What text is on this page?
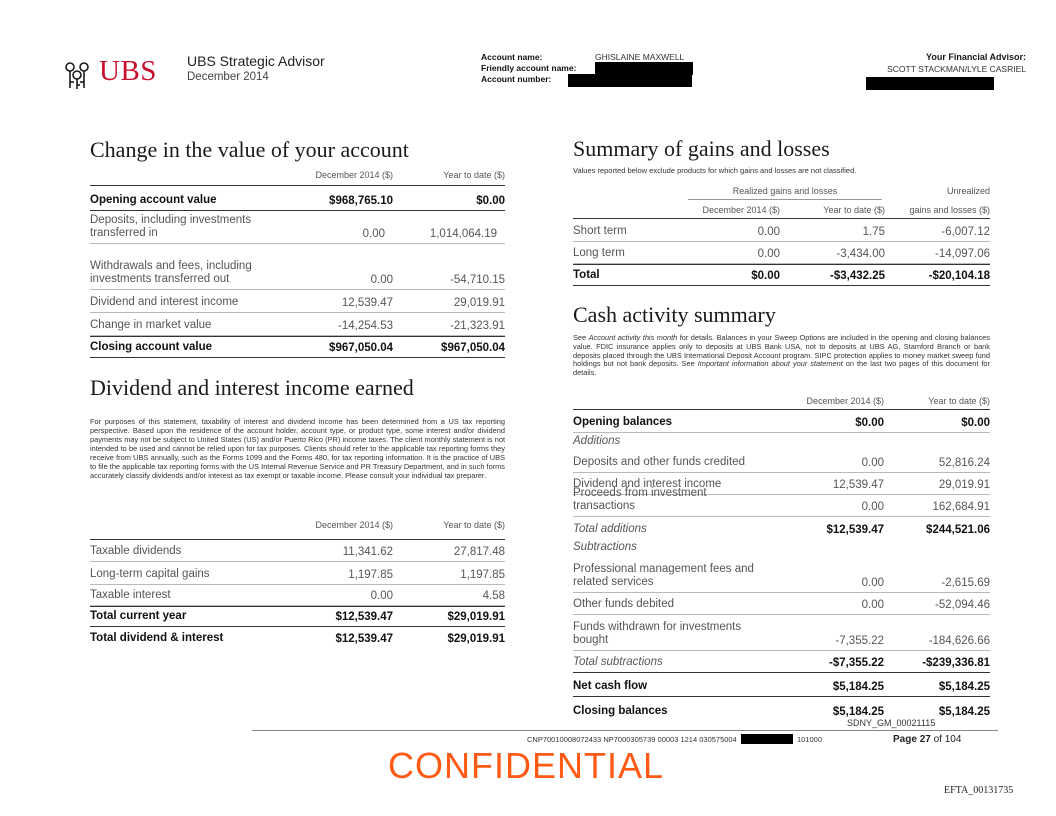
UBS UBS Strategic Advisor
December 2014
Account name:	GHISLAINE MAXWELL
Friendly account name:
Account number:
Your Financial Advisor:
SCOTT STACKMAN/LYLE CASRIEL
Change in the value of your account
December 2014 ($)	Year to date ($)
Opening account value	$968,765.10	$0.00
Deposits, including investments transferred in	0.00	1,014,064.19
Withdrawals and fees, including investments transferred out	0.00	-54,710.15
Dividend and interest income	12,539.47	29,019.91
Change in market value	-14,254.53	-21,323.91
Closing account value	$967,050.04	$967,050.04
Dividend and interest income earned
For purposes of this statement, taxability of interest and dividend income has been determined from a US tax reporting perspective. Based upon the residence of the account holder, account type, or product type, some interest and/or dividend payments may not be subject to United States (US) and/or Puerto Rico (PR) income taxes. The client monthly statement is not intended to be used and cannot be relied upon for tax purposes. Clients should refer to the applicable tax reporting forms they receive from UBS annually, such as the Forms 1099 and the Forms 480, for tax reporting information. It is the practice of UBS to file the applicable tax reporting forms with the US Internal Revenue Service and PR Treasury Department, and in such forms accurately classify dividends and/or interest as tax exempt or taxable income. Please consult your individual tax preparer.
December 2014 ($)	Year to date ($)
Taxable dividends	11,341.62	27,817.48
Long-term capital gains	1,197.85	1,197.85
Taxable interest	0.00	4.58
Total current year	$12,539.47	$29,019.91
Total dividend & interest	$12,539.47	$29,019.91
Summary of gains and losses
Values reported below exclude products for which gains and losses are not classified.
Realized gains and losses	Unrealized
December 2014 ($)	Year to date ($)	gains and losses ($)
Short term	0.00	1.75	-6,007.12
Long term	0.00	-3,434.00	-14,097.06
Total	$0.00	-$3,432.25	-$20,104.18
Cash activity summary
See Account activity this month for details. Balances in your Sweep Options are included in the opening and closing balances value. FDIC insurance applies only to deposits at UBS Bank USA, not to deposits at UBS AG, Stamford Branch or bank deposits placed through the UBS International Deposit Account program. SIPC protection applies to money market sweep fund holdings but not bank deposits. See Important information about your statement on the last two pages of this document for details.
December 2014 ($)	Year to date ($)
Opening balances	$0.00	$0.00
Additions
Deposits and other funds credited	0.00	52,816.24
Dividend and interest income	12,539.47	29,019.91
Proceeds from investment transactions	0.00	162,684.91
Total additions	$12,539.47	$244,521.06
Subtractions
Professional management fees and related services	0.00	-2,615.69
Other funds debited	0.00	-52,094.46
Funds withdrawn for investments bought	-7,355.22	-184,626.66
Total subtractions	-$7,355.22	-$239,336.81
Net cash flow	$5,184.25	$5,184.25
Closing balances	$5,184.25	$5,184.25
SDNY_GM_00021115
CNP70010008072433 NP7000305739 00003 1214 030575004	101000	Page 27 of 104
CONFIDENTIAL
EFTA_00131735
